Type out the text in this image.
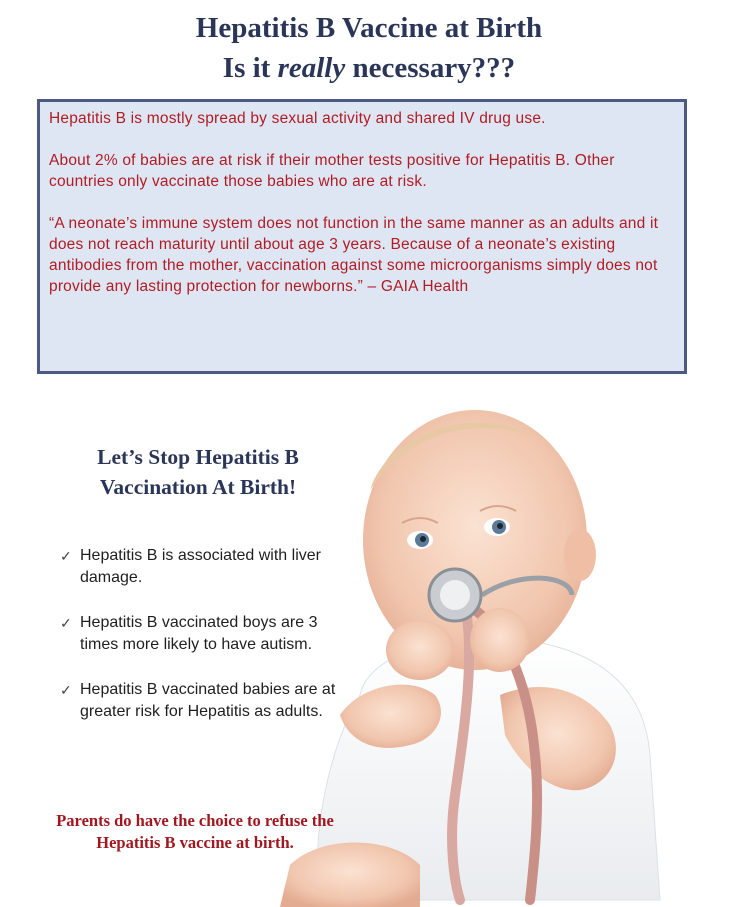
Hepatitis B Vaccine at Birth
Is it really necessary???

Hepatitis B is mostly spread by sexual activity and shared IV drug use.

About 2% of babies are at risk if their mother tests positive for Hepatitis B. Other countries only vaccinate those babies who are at risk.

“A neonate’s immune system does not function in the same manner as an adults and it does not reach maturity until about age 3 years. Because of a neonate’s existing antibodies from the mother, vaccination against some microorganisms simply does not provide any lasting protection for newborns.” – GAIA Health

Let’s Stop Hepatitis B
Vaccination At Birth!
✓ Hepatitis B is associated with liver damage.
✓ Hepatitis B vaccinated boys are 3 times more likely to have autism.
✓ Hepatitis B vaccinated babies are at greater risk for Hepatitis as adults.
Parents do have the choice to refuse the Hepatitis B vaccine at birth.
